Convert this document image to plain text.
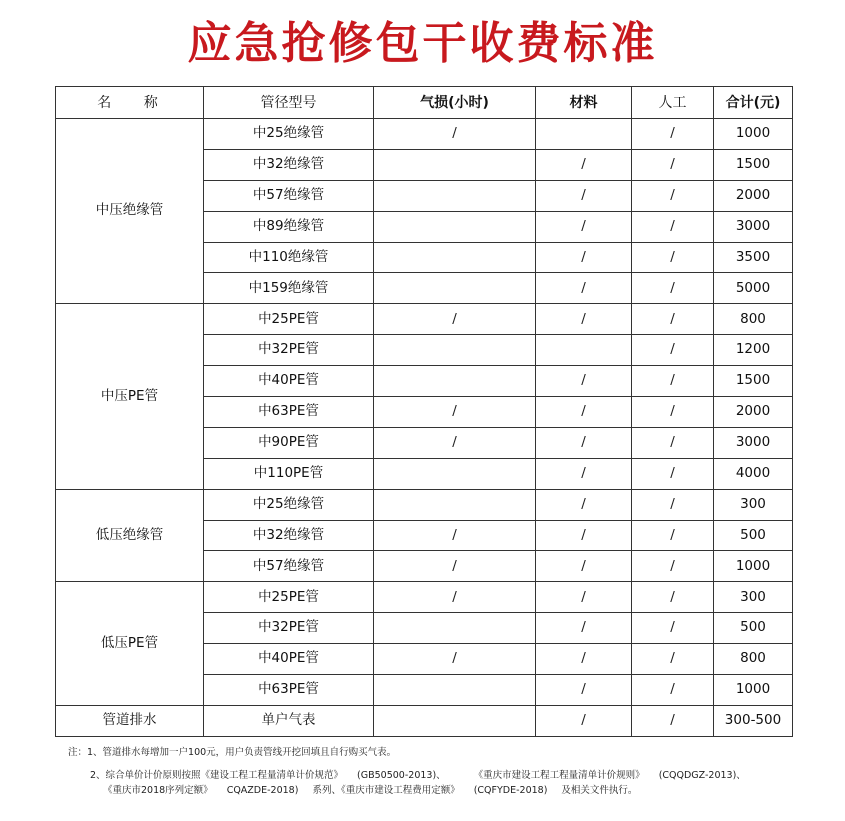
应急抢修包干收费标准
名 称	管径型号	气损(小时)	材料	人工	合计(元)
中压绝缘管	中25绝缘管	/		/	1000
	中32绝缘管		/	/	1500
	中57绝缘管		/	/	2000
	中89绝缘管		/	/	3000
	中110绝缘管		/	/	3500
	中159绝缘管		/	/	5000
中压PE管	中25PE管	/	/	/	800
	中32PE管			/	1200
	中40PE管		/	/	1500
	中63PE管	/	/	/	2000
	中90PE管	/	/	/	3000
	中110PE管		/	/	4000
低压绝缘管	中25绝缘管		/	/	300
	中32绝缘管	/	/	/	500
	中57绝缘管	/	/	/	1000
低压PE管	中25PE管	/	/	/	300
	中32PE管		/	/	500
	中40PE管	/	/	/	800
	中63PE管		/	/	1000
管道排水	单户气表		/	/	300-500
注：1、管道排水每增加一户100元，用户负责管线开挖回填且自行购买气表。
2、综合单价计价原则按照《建设工程工程量清单计价规范》 (GB50500-2013)、	《重庆市建设工程工程量清单计价规则》 (CQQDGZ-2013)、
《重庆市2018序列定额》 CQAZDE-2018) 系列、《重庆市建设工程费用定额》 (CQFYDE-2018) 及相关文件执行。
